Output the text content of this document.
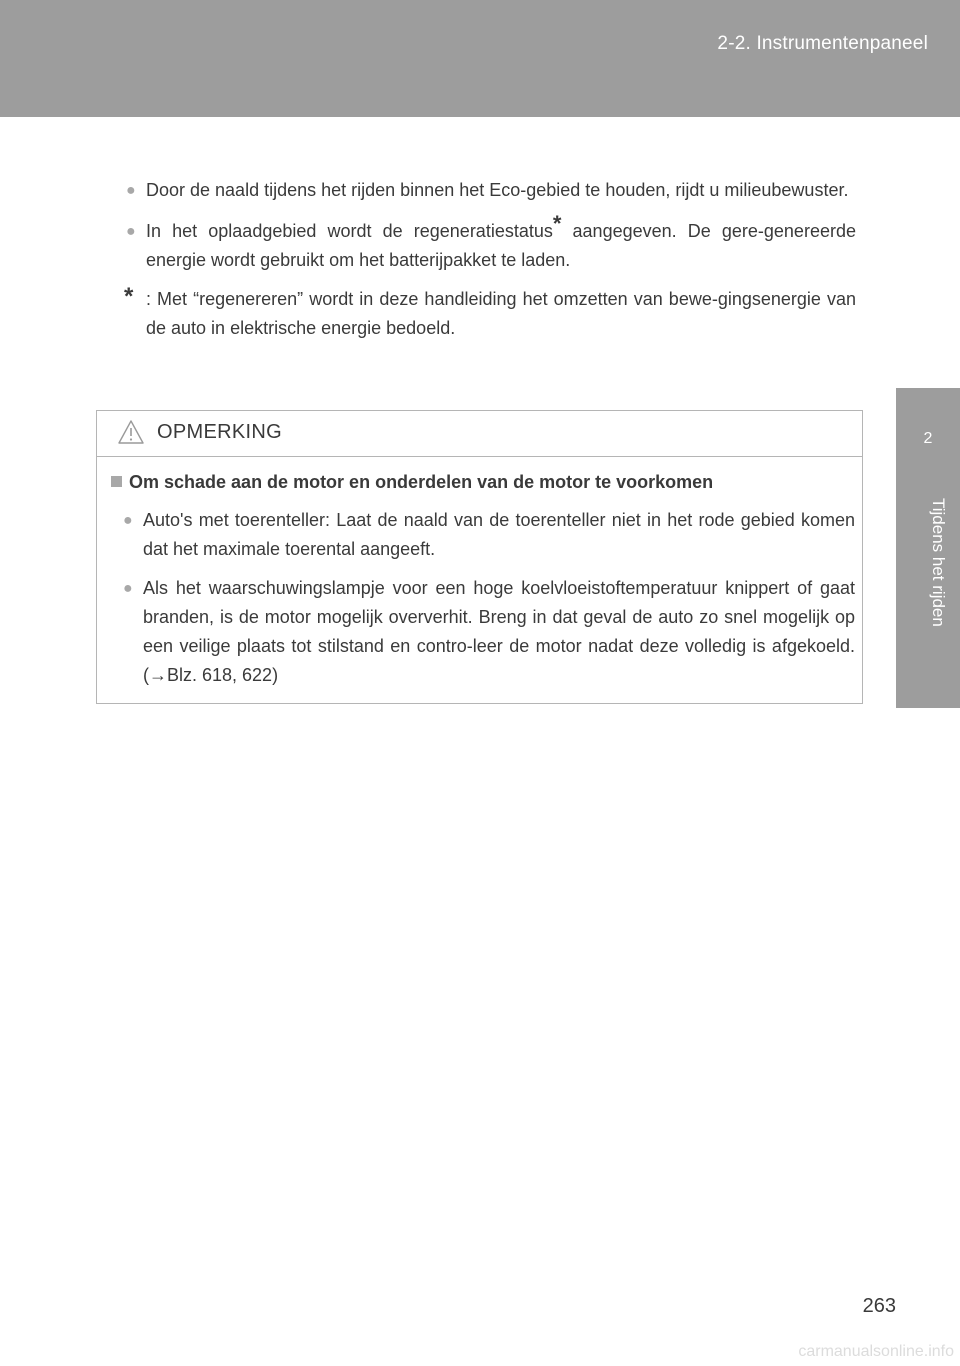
2-2. Instrumentenpaneel
2
Tijdens het rijden
● Door de naald tijdens het rijden binnen het Eco-gebied te houden, rijdt u milieubewuster.
● In het oplaadgebied wordt de regeneratiestatus* aangegeven. De gere-genereerde energie wordt gebruikt om het batterijpakket te laden.
* : Met “regenereren” wordt in deze handleiding het omzetten van bewe-gingsenergie van de auto in elektrische energie bedoeld.
OPMERKING
Om schade aan de motor en onderdelen van de motor te voorkomen
● Auto's met toerenteller: Laat de naald van de toerenteller niet in het rode gebied komen dat het maximale toerental aangeeft.
● Als het waarschuwingslampje voor een hoge koelvloeistoftemperatuur knippert of gaat branden, is de motor mogelijk oververhit. Breng in dat geval de auto zo snel mogelijk op een veilige plaats tot stilstand en contro-leer de motor nadat deze volledig is afgekoeld. (→Blz. 618, 622)
263
carmanualsonline.info
